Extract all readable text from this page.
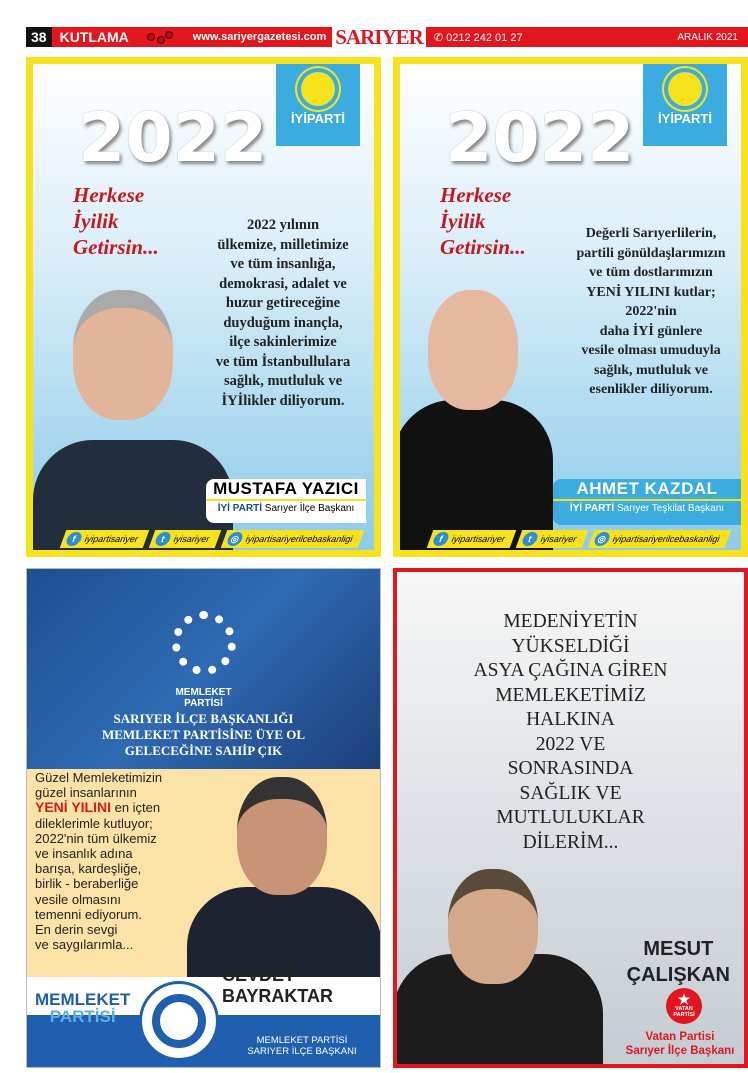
38 KUTLAMA	www.sariyergazetesi.com SARIYER ✆ 0212 242 01 27	ARALIK 2021
2022	İYİPARTİ
Herkese
İyilik
Getirsin...
2022 yılının
ülkemize, milletimize
ve tüm insanlığa,
demokrasi, adalet ve
huzur getireceğine
duyduğum inançla,
ilçe sakinlerimize
ve tüm İstanbullulara
sağlık, mutluluk ve
İYİlikler diliyorum.
MUSTAFA YAZICI
İYİ PARTİ Sarıyer İlçe Başkanı
f iyipartisariyer	t iyisariyer	◎ iyipartisariyerilcebaskanligi
2022	İYİPARTİ
Herkese
İyilik
Getirsin...
Değerli Sarıyerlilerin,
partili gönüldaşlarımızın
ve tüm dostlarımızın
YENİ YILINI kutlar;
2022'nin
daha İYİ günlere
vesile olması umuduyla
sağlık, mutluluk ve
esenlikler diliyorum.
AHMET KAZDAL
İYİ PARTİ Sarıyer Teşkilat Başkanı
f iyipartisariyer	t iyisariyer	◎ iyipartisariyerilcebaskanligi
MEMLEKET
PARTİSİ
SARIYER İLÇE BAŞKANLIĞI
MEMLEKET PARTİSİNE ÜYE OL
GELECEĞİNE SAHİP ÇIK
Güzel Memleketimizin
güzel insanlarının
YENİ YILINI en içten
dileklerimle kutluyor;
2022'nin tüm ülkemiz
ve insanlık adına
barışa, kardeşliğe,
birlik - beraberliğe
vesile olmasını
temenni ediyorum.
En derin sevgi
ve saygılarımla...
MEMLEKET
PARTİSİ
CEVDET BAYRAKTAR
MEMLEKET PARTİSİ
SARIYER İLÇE BAŞKANI
MEDENİYETİN
YÜKSELDİĞİ
ASYA ÇAĞINA GİREN
MEMLEKETİMİZ
HALKINA
2022 VE
SONRASINDA
SAĞLIK VE
MUTLULUKLAR
DİLERİM...
MESUT
ÇALIŞKAN
★
VATAN
PARTİSİ
Vatan Partisi
Sarıyer İlçe Başkanı
